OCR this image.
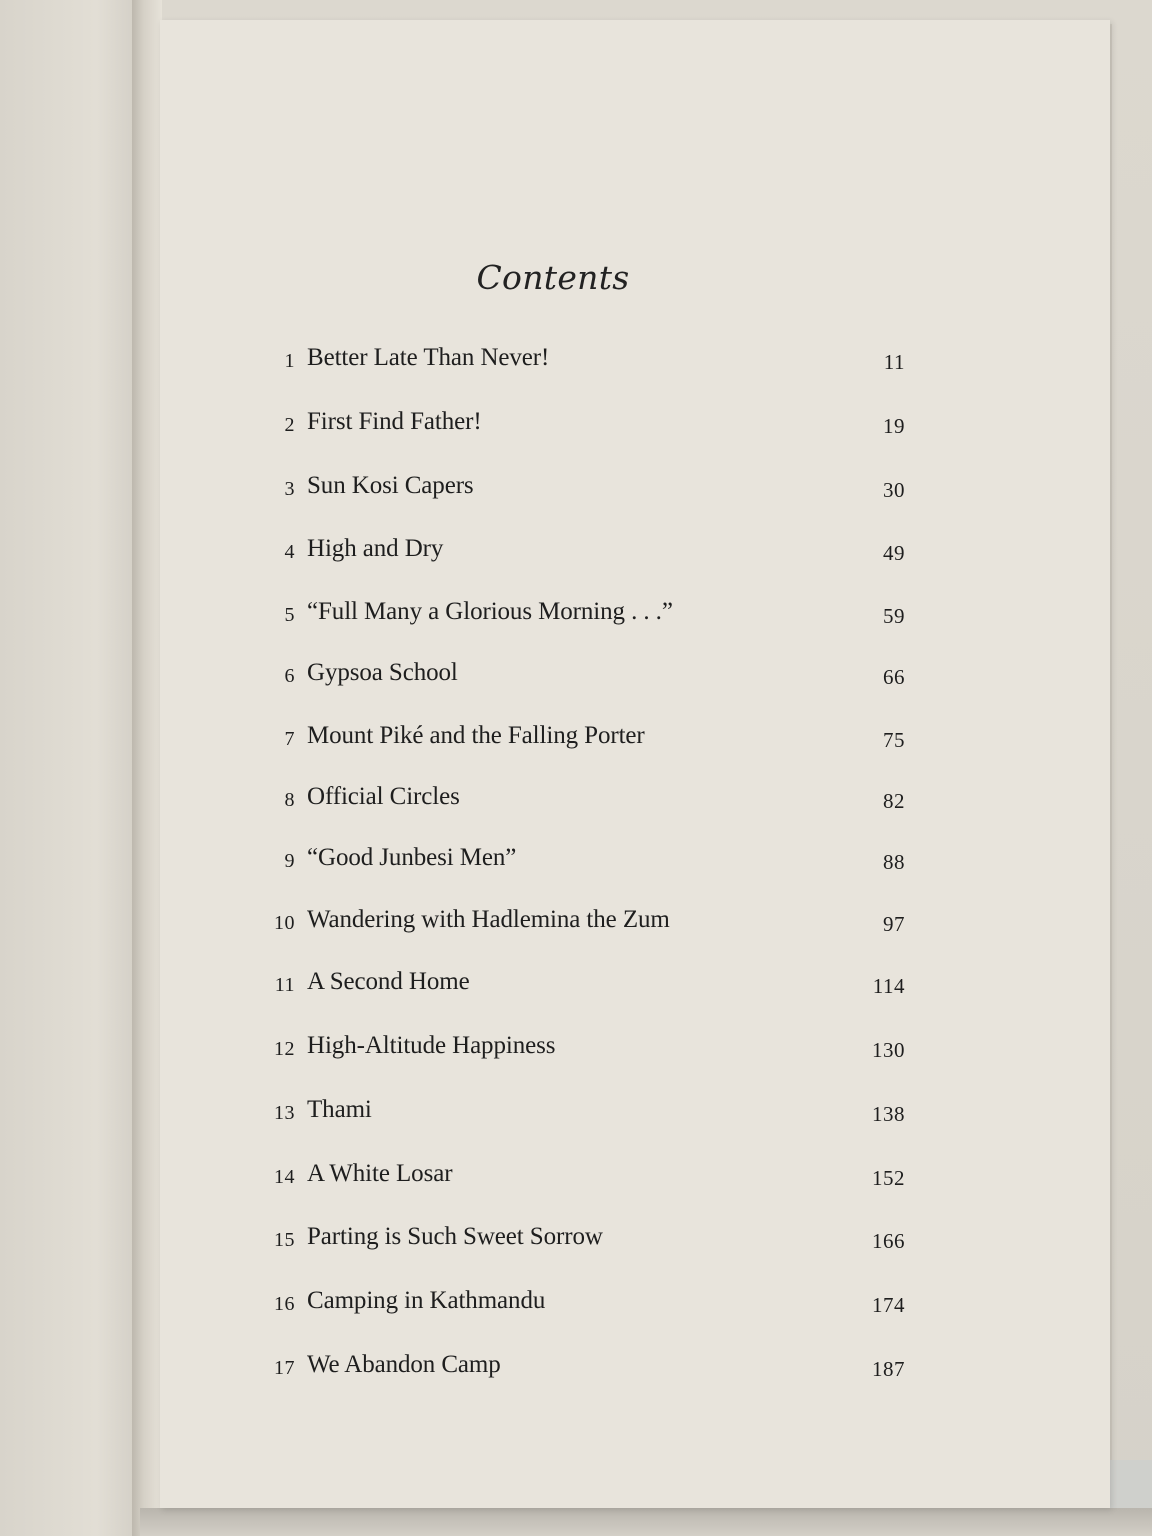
Contents
1 Better Late Than Never!	11
2 First Find Father!	19
3 Sun Kosi Capers	30
4 High and Dry	49
5 “Full Many a Glorious Morning . . .”	59
6 Gypsoa School	66
7 Mount Piké and the Falling Porter	75
8 Official Circles	82
9 “Good Junbesi Men”	88
10 Wandering with Hadlemina the Zum	97
11 A Second Home	114
12 High-Altitude Happiness	130
13 Thami	138
14 A White Losar	152
15 Parting is Such Sweet Sorrow	166
16 Camping in Kathmandu	174
17 We Abandon Camp	187
